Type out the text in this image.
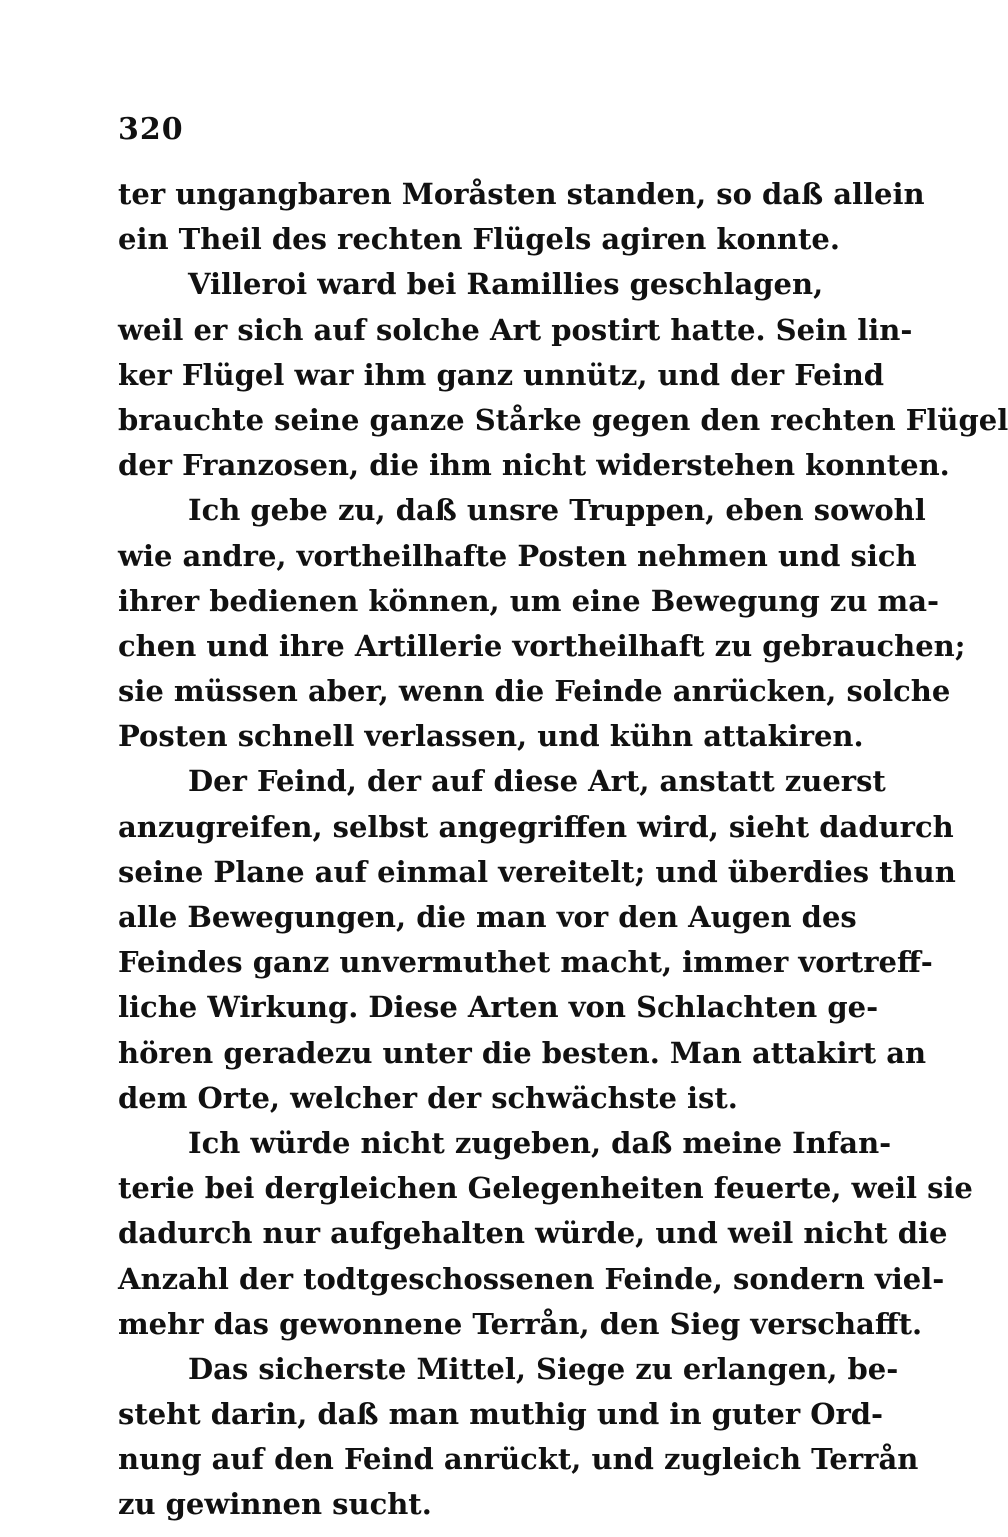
320
ter ungangbaren Moråsten standen, so daß allein
ein Theil des rechten Flügels agiren konnte.
Villeroi ward bei Ramillies geschlagen,
weil er sich auf solche Art postirt hatte. Sein lin-
ker Flügel war ihm ganz unnütz, und der Feind
brauchte seine ganze Stårke gegen den rechten Flügel
der Franzosen, die ihm nicht widerstehen konnten.
Ich gebe zu, daß unsre Truppen, eben sowohl
wie andre, vortheilhafte Posten nehmen und sich
ihrer bedienen können, um eine Bewegung zu ma-
chen und ihre Artillerie vortheilhaft zu gebrauchen;
sie müssen aber, wenn die Feinde anrücken, solche
Posten schnell verlassen, und kühn attakiren.
Der Feind, der auf diese Art, anstatt zuerst
anzugreifen, selbst angegriffen wird, sieht dadurch
seine Plane auf einmal vereitelt; und überdies thun
alle Bewegungen, die man vor den Augen des
Feindes ganz unvermuthet macht, immer vortreff-
liche Wirkung. Diese Arten von Schlachten ge-
hören geradezu unter die besten. Man attakirt an
dem Orte, welcher der schwächste ist.
Ich würde nicht zugeben, daß meine Infan-
terie bei dergleichen Gelegenheiten feuerte, weil sie
dadurch nur aufgehalten würde, und weil nicht die
Anzahl der todtgeschossenen Feinde, sondern viel-
mehr das gewonnene Terrån, den Sieg verschafft.
Das sicherste Mittel, Siege zu erlangen, be-
steht darin, daß man muthig und in guter Ord-
nung auf den Feind anrückt, und zugleich Terrån
zu gewinnen sucht.
